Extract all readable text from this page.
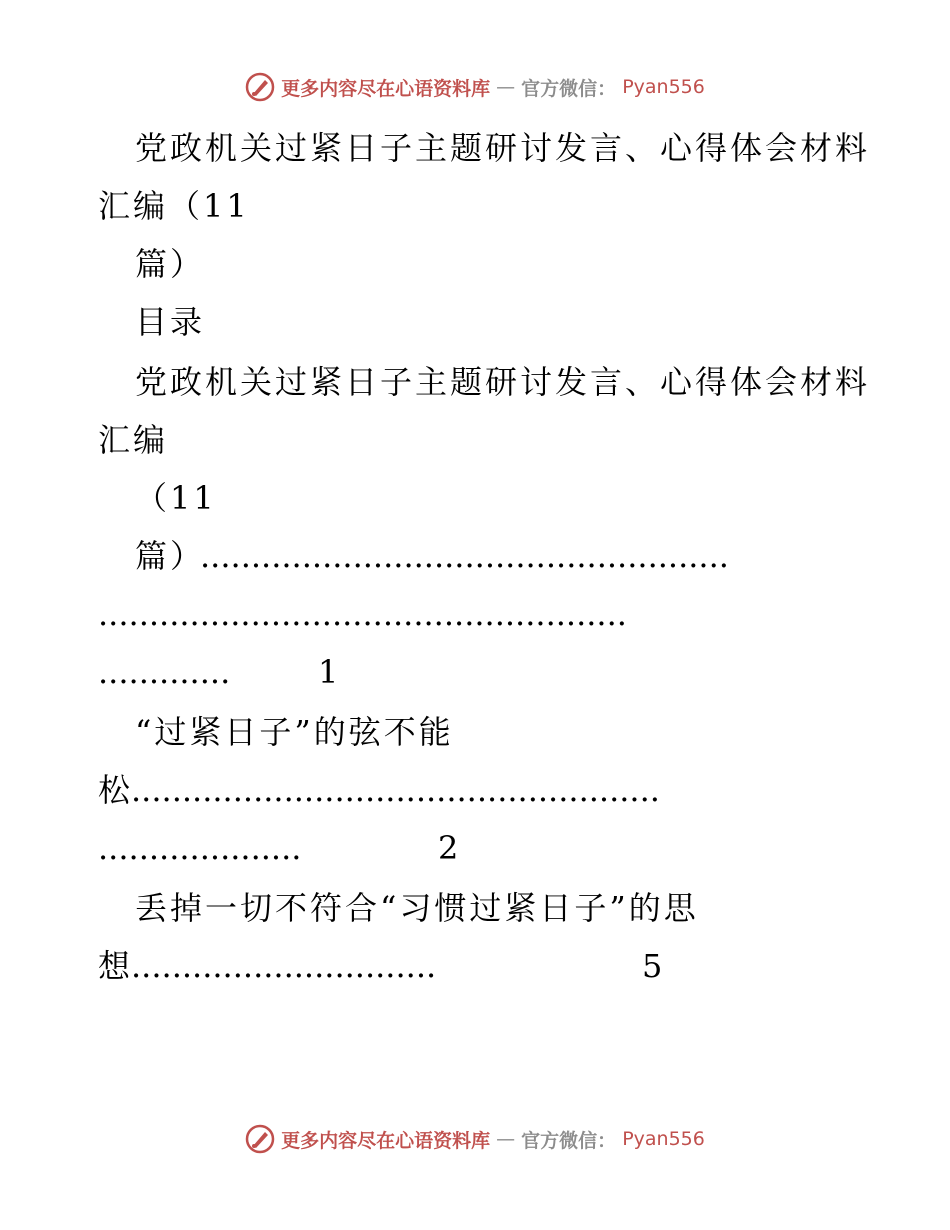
更多内容尽在心语资料库 — 官方微信： Pyan556
党政机关过紧日子主题研讨发言、心得体会材料
汇编（11
篇）
目录
党政机关过紧日子主题研讨发言、心得体会材料
汇编
（11
篇）
....................................................
....................................................
.............	1
“过紧日子”的弦不能
松
....................................................
....................	2
丢掉一切不符合“习惯过紧日子”的思
想
..............................	5
更多内容尽在心语资料库 — 官方微信： Pyan556
